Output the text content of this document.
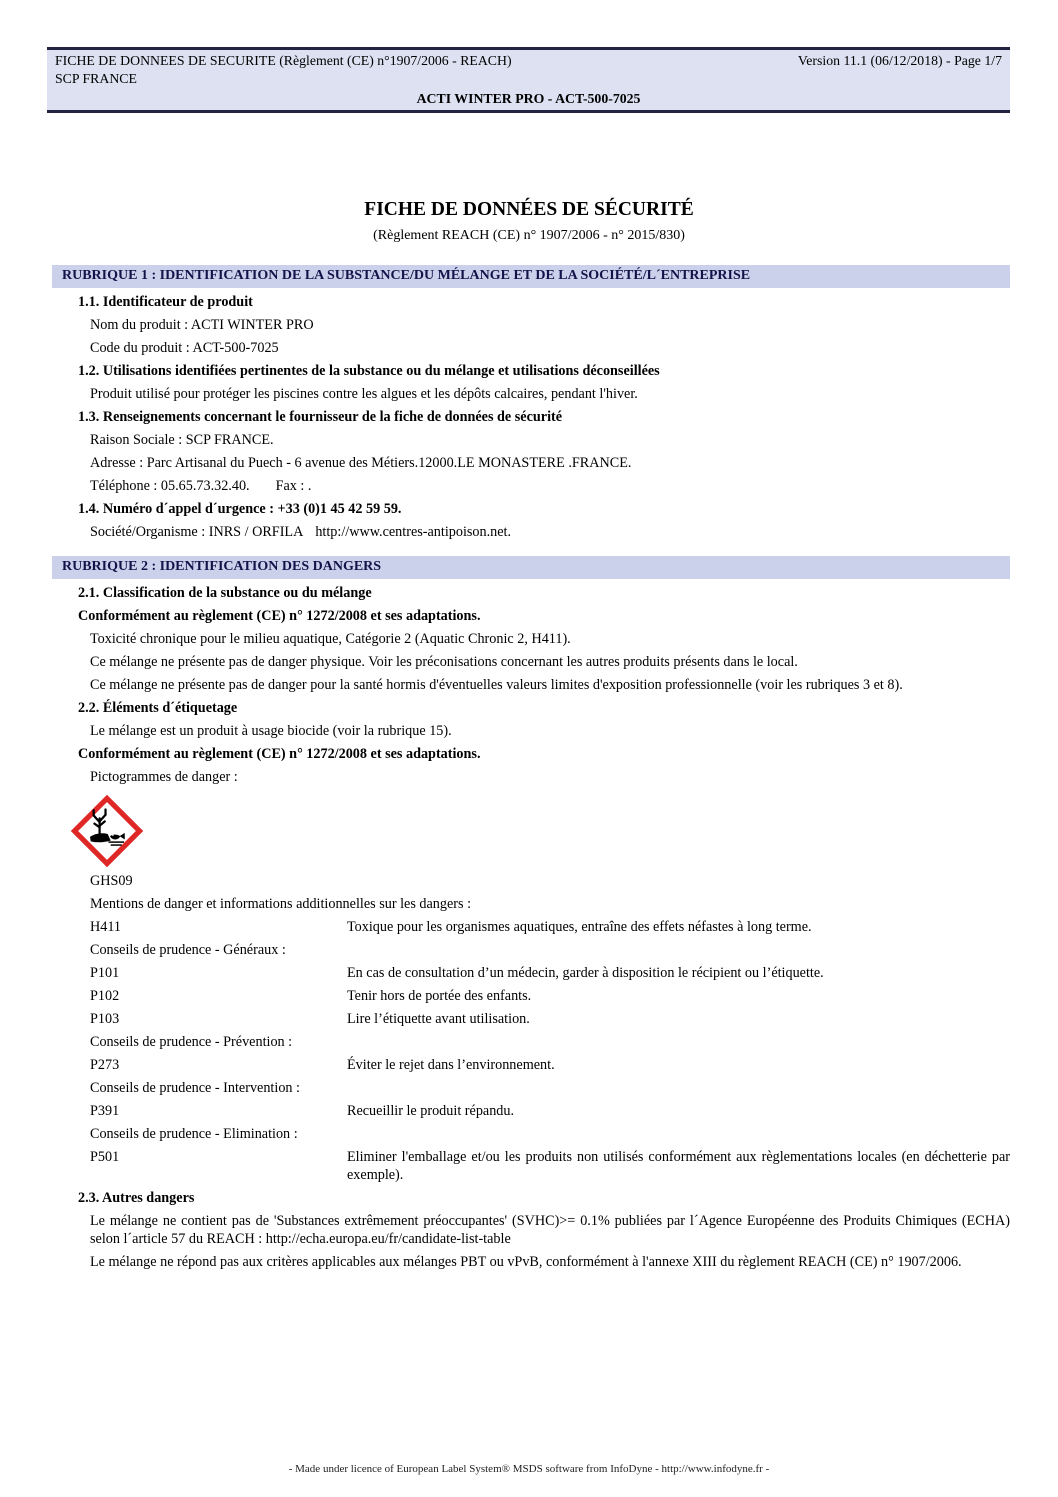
FICHE DE DONNEES DE SECURITE (Règlement (CE) n°1907/2006 - REACH)	Version 11.1 (06/12/2018) - Page 1/7
SCP FRANCE
ACTI WINTER PRO - ACT-500-7025
FICHE DE DONNÉES DE SÉCURITÉ
(Règlement REACH (CE) n° 1907/2006 - n° 2015/830)
RUBRIQUE 1 : IDENTIFICATION DE LA SUBSTANCE/DU MÉLANGE ET DE LA SOCIÉTÉ/L´ENTREPRISE
1.1. Identificateur de produit
Nom du produit : ACTI WINTER PRO
Code du produit : ACT-500-7025
1.2. Utilisations identifiées pertinentes de la substance ou du mélange et utilisations déconseillées
Produit utilisé pour protéger les piscines contre les algues et les dépôts calcaires, pendant l'hiver.
1.3. Renseignements concernant le fournisseur de la fiche de données de sécurité
Raison Sociale : SCP FRANCE.
Adresse : Parc Artisanal du Puech - 6 avenue des Métiers.12000.LE MONASTERE .FRANCE.
Téléphone : 05.65.73.32.40. Fax : .
1.4. Numéro d´appel d´urgence : +33 (0)1 45 42 59 59.
Société/Organisme : INRS / ORFILA http://www.centres-antipoison.net.
RUBRIQUE 2 : IDENTIFICATION DES DANGERS
2.1. Classification de la substance ou du mélange
Conformément au règlement (CE) n° 1272/2008 et ses adaptations.
Toxicité chronique pour le milieu aquatique, Catégorie 2 (Aquatic Chronic 2, H411).
Ce mélange ne présente pas de danger physique. Voir les préconisations concernant les autres produits présents dans le local.
Ce mélange ne présente pas de danger pour la santé hormis d'éventuelles valeurs limites d'exposition professionnelle (voir les rubriques 3 et 8).
2.2. Éléments d´étiquetage
Le mélange est un produit à usage biocide (voir la rubrique 15).
Conformément au règlement (CE) n° 1272/2008 et ses adaptations.
Pictogrammes de danger :
GHS09
Mentions de danger et informations additionnelles sur les dangers :
H411	Toxique pour les organismes aquatiques, entraîne des effets néfastes à long terme.
Conseils de prudence - Généraux :
P101	En cas de consultation d’un médecin, garder à disposition le récipient ou l’étiquette.
P102	Tenir hors de portée des enfants.
P103	Lire l’étiquette avant utilisation.
Conseils de prudence - Prévention :
P273	Éviter le rejet dans l’environnement.
Conseils de prudence - Intervention :
P391	Recueillir le produit répandu.
Conseils de prudence - Elimination :
P501	Eliminer l'emballage et/ou les produits non utilisés conformément aux règlementations locales (en déchetterie par exemple).
2.3. Autres dangers
Le mélange ne contient pas de 'Substances extrêmement préoccupantes' (SVHC)>= 0.1% publiées par l´Agence Européenne des Produits Chimiques (ECHA) selon l´article 57 du REACH : http://echa.europa.eu/fr/candidate-list-table
Le mélange ne répond pas aux critères applicables aux mélanges PBT ou vPvB, conformément à l'annexe XIII du règlement REACH (CE) n° 1907/2006.
- Made under licence of European Label System® MSDS software from InfoDyne - http://www.infodyne.fr -
